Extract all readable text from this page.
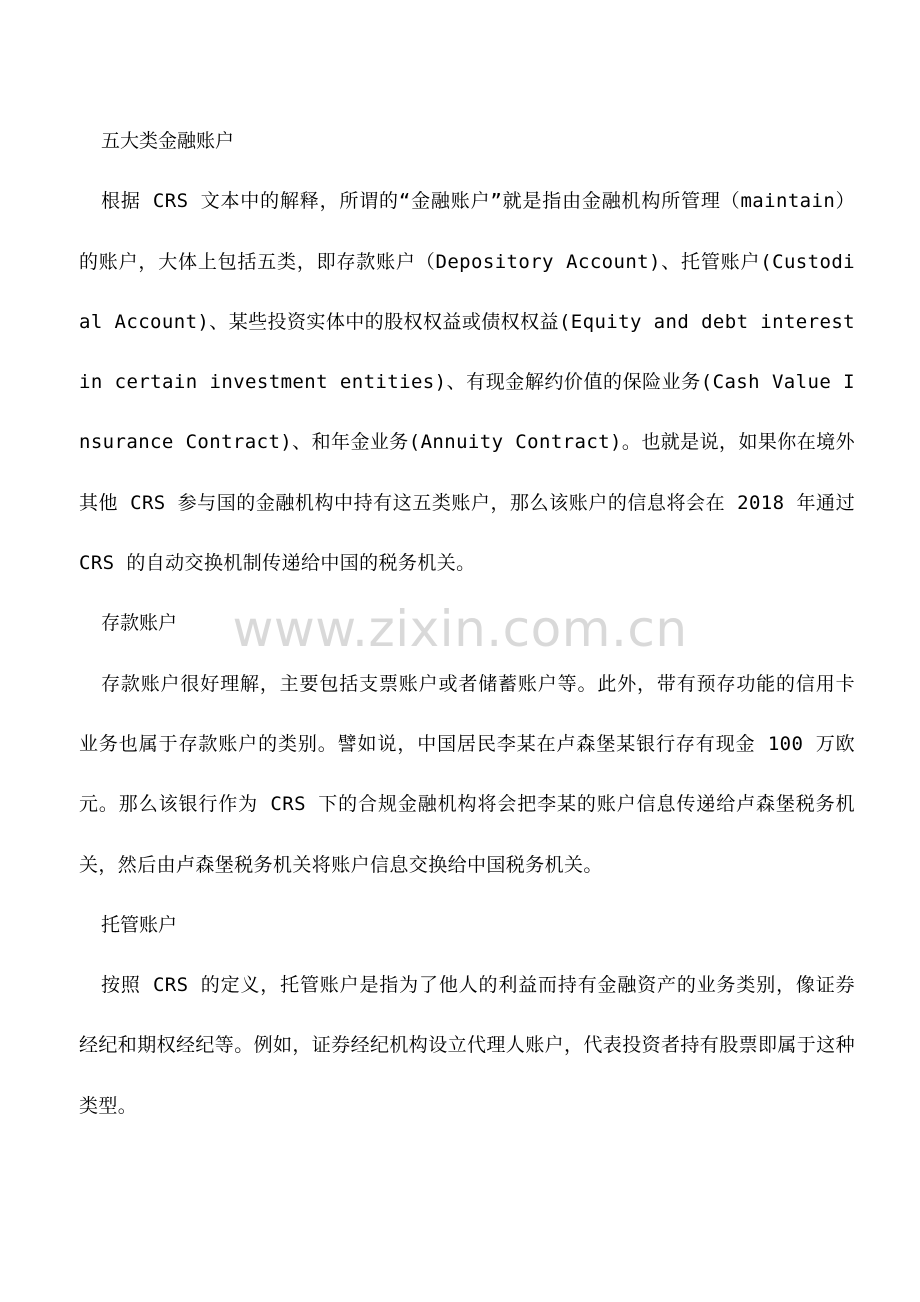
五大类金融账户

根据 CRS 文本中的解释，所谓的“金融账户”就是指由金融机构所管理（maintain）的账户，大体上包括五类，即存款账户（Depository Account)、托管账户(Custodial Account)、某些投资实体中的股权权益或债权权益(Equity and debt interest in certain investment entities)、有现金解约价值的保险业务(Cash Value Insurance Contract)、和年金业务(Annuity Contract)。也就是说，如果你在境外其他 CRS 参与国的金融机构中持有这五类账户，那么该账户的信息将会在 2018 年通过 CRS 的自动交换机制传递给中国的税务机关。

存款账户

存款账户很好理解，主要包括支票账户或者储蓄账户等。此外，带有预存功能的信用卡业务也属于存款账户的类别。譬如说，中国居民李某在卢森堡某银行存有现金 100 万欧元。那么该银行作为 CRS 下的合规金融机构将会把李某的账户信息传递给卢森堡税务机关，然后由卢森堡税务机关将账户信息交换给中国税务机关。

托管账户

按照 CRS 的定义，托管账户是指为了他人的利益而持有金融资产的业务类别，像证券经纪和期权经纪等。例如，证券经纪机构设立代理人账户，代表投资者持有股票即属于这种类型。

www.zixin.com.cn
